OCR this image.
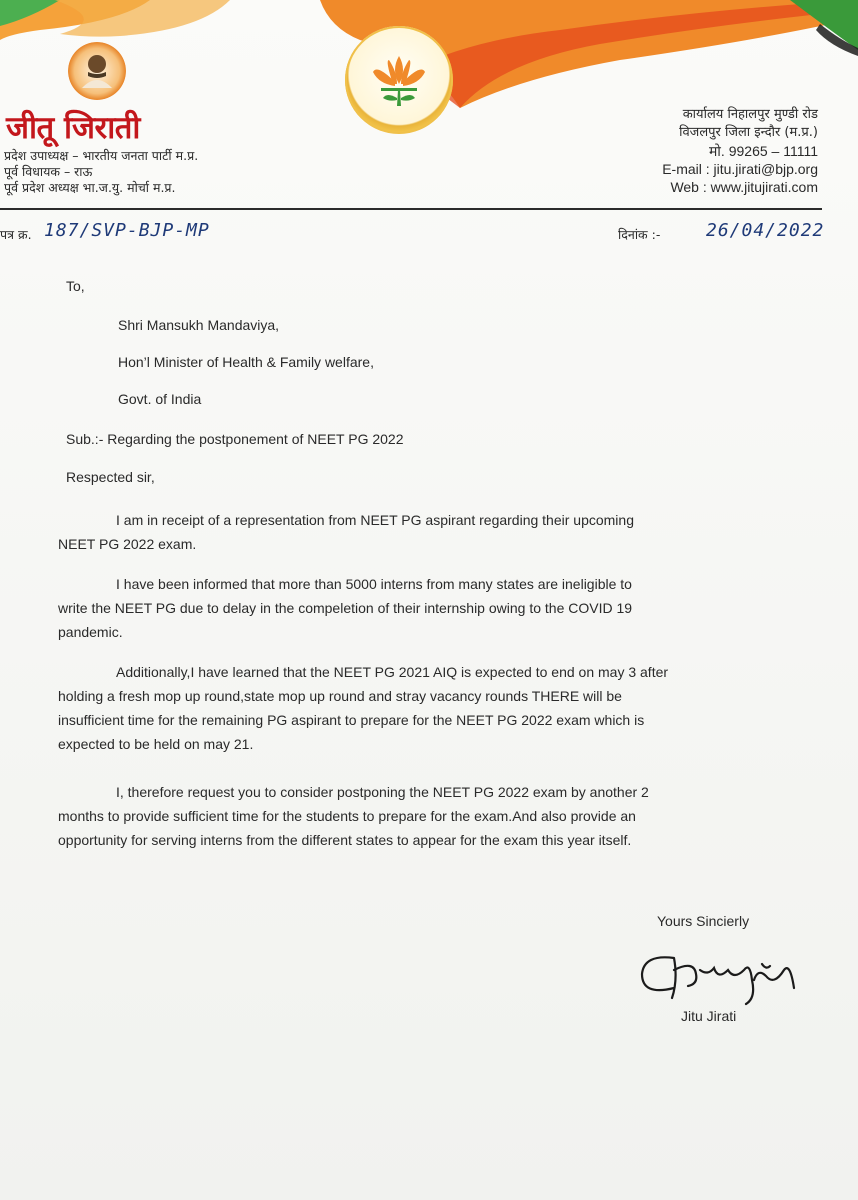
जीतू जिराती
प्रदेश उपाध्यक्ष – भारतीय जनता पार्टी म.प्र.
पूर्व विधायक – राऊ
पूर्व प्रदेश अध्यक्ष भा.ज.यु. मोर्चा म.प्र.
कार्यालय निहालपुर मुण्डी रोड
विजलपुर जिला इन्दौर (म.प्र.)
मो. 99265 – 11111
E-mail : jitu.jirati@bjp.org
Web : www.jitujirati.com
पत्र क्र. 187/SVP-BJP-MP	दिनांक :-	26/04/2022

To,

Shri Mansukh Mandaviya,

Hon’l Minister of Health & Family welfare,

Govt. of India

Sub.:- Regarding the postponement of NEET PG 2022

Respected sir,

I am in receipt of a representation from NEET PG aspirant regarding their upcoming
NEET PG 2022 exam.

I have been informed that more than 5000 interns from many states are ineligible to
write the NEET PG due to delay in the compeletion of their internship owing to the COVID 19
pandemic.

Additionally,I have learned that the NEET PG 2021 AIQ is expected to end on may 3 after
holding a fresh mop up round,state mop up round and stray vacancy rounds THERE will be
insufficient time for the remaining PG aspirant to prepare for the NEET PG 2022 exam which is
expected to be held on may 21.

I, therefore request you to consider postponing the NEET PG 2022 exam by another 2
months to provide sufficient time for the students to prepare for the exam.And also provide an
opportunity for serving interns from the different states to appear for the exam this year itself.

Yours Sincierly

Jitu Jirati
